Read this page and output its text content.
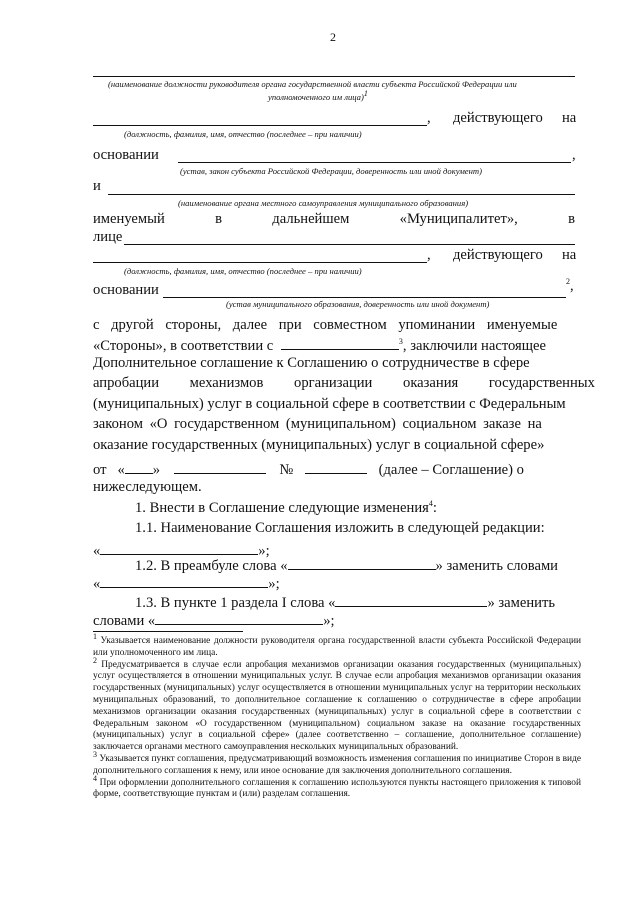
2
(наименование должности руководителя органа государственной власти субъекта Российской Федерации или
уполномоченного им лица)$^1$
, действующего на
(должность, фамилия, имя, отчество (последнее – при наличии)
основании	,
(устав, закон субъекта Российской Федерации, доверенность или иной документ)
и
(наименование органа местного самоуправления муниципального образования)
именуемый	в	дальнейшем	«Муниципалитет»,	в
лице
, действующего на
(должность, фамилия, имя, отчество (последнее – при наличии)
основании
$^2$,
(устав муниципального образования, доверенность или иной документ)
с другой стороны, далее при совместном упоминании именуемые
«Стороны», в соответствии с	$^3$, заключили настоящее
Дополнительное соглашение к Соглашению о сотрудничестве в сфере
апробации механизмов организации оказания государственных
(муниципальных) услуг в социальной сфере в соответствии с Федеральным
законом «О государственном (муниципальном) социальном заказе на
оказание государственных (муниципальных) услуг в социальной сфере»
от « »	№	(далее – Соглашение) о
нижеследующем.
1. Внести в Соглашение следующие изменения$^4$:
1.1. Наименование Соглашения изложить в следующей редакции:
«	»;
1.2. В преамбуле слова «	» заменить словами
«	»;
1.3. В пункте 1 раздела I слова «	» заменить
словами «	»;

$^1$ Указывается наименование должности руководителя органа государственной власти субъекта Российской Федерации или уполномоченного им лица.

$^2$ Предусматривается в случае если апробация механизмов организации оказания государственных (муниципальных) услуг осуществляется в отношении муниципальных услуг. В случае если апробация механизмов организации оказания государственных (муниципальных) услуг осуществляется в отношении муниципальных услуг на территории нескольких муниципальных образований, то дополнительное соглашение к соглашению о сотрудничестве в сфере апробации механизмов организации оказания государственных (муниципальных) услуг в социальной сфере в соответствии с Федеральным законом «О государственном (муниципальном) социальном заказе на оказание государственных (муниципальных) услуг в социальной сфере» (далее соответственно – соглашение, дополнительное соглашение) заключается органами местного самоуправления нескольких муниципальных образований.

$^3$ Указывается пункт соглашения, предусматривающий возможность изменения соглашения по инициативе Сторон в виде дополнительного соглашения к нему, или иное основание для заключения дополнительного соглашения.

$^4$ При оформлении дополнительного соглашения к соглашению используются пункты настоящего приложения к типовой форме, соответствующие пунктам и (или) разделам соглашения.
